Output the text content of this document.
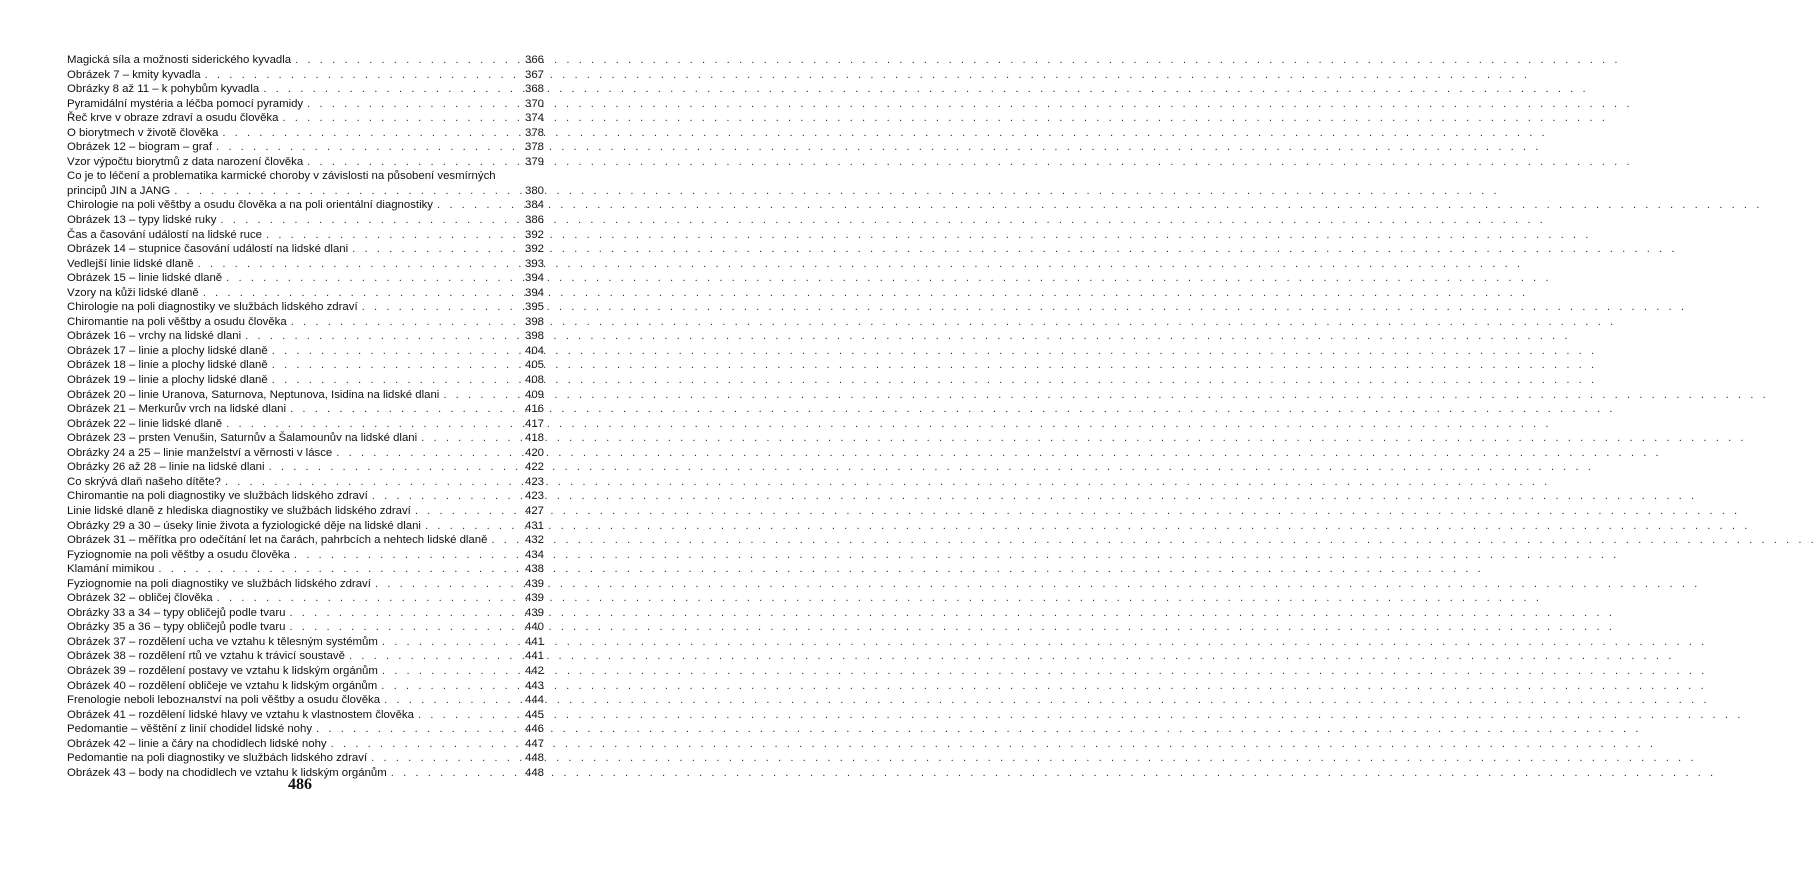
Magická síla a možnosti siderického kyvadla . . .	366
Obrázek 7 – kmity kyvadla . . .	367
Obrázky 8 až 11 – k pohybům kyvadla . . .	368
Pyramidální mystéria a léčba pomocí pyramidy . . .	370
Řeč krve v obraze zdraví a osudu člověka . . .	374
O biorytmech v životě člověka . . .	378
Obrázek 12 – biogram – graf . . .	378
Vzor výpočtu biorytmů z data narození člověka . . .	379
Co je to léčení a problematika karmické choroby v závislosti na působení vesmírných
principů JIN a JANG . . .	380
Chirologie na poli věštby a osudu člověka a na poli orientální diagnostiky . . .	384
Obrázek 13 – typy lidské ruky . . .	386
Čas a časování událostí na lidské ruce . . .	392
Obrázek 14 – stupnice časování událostí na lidské dlani . . .	392
Vedlejší linie lidské dlaně . . .	393
Obrázek 15 – linie lidské dlaně . . .	394
Vzory na kůži lidské dlaně . . .	394
Chirologie na poli diagnostiky ve službách lidského zdraví . . .	395
Chiromantie na poli věštby a osudu člověka . . .	398
Obrázek 16 – vrchy na lidské dlani . . .	398
Obrázek 17 – linie a plochy lidské dlaně . . .	404
Obrázek 18 – linie a plochy lidské dlaně . . .	405
Obrázek 19 – linie a plochy lidské dlaně . . .	408
Obrázek 20 – linie Uranova, Saturnova, Neptunova, Isidina na lidské dlani . . .	409
Obrázek 21 – Merkurův vrch na lidské dlani . . .	416
Obrázek 22 – linie lidské dlaně . . .	417
Obrázek 23 – prsten Venušin, Saturnův a Šalamounův na lidské dlani . . .	418
Obrázky 24 a 25 – linie manželství a věrnosti v lásce . . .	420
Obrázky 26 až 28 – linie na lidské dlani . . .	422
Co skrývá dlaň našeho dítěte? . . .	423
Chiromantie na poli diagnostiky ve službách lidského zdraví . . .	423
Linie lidské dlaně z hlediska diagnostiky ve službách lidského zdraví . . .	427
Obrázky 29 a 30 – úseky linie života a fyziologické děje na lidské dlani . . .	431
Obrázek 31 – měřítka pro odečítání let na čarách, pahrbcích a nehtech lidské dlaně . . .	432
Fyziognomie na poli věštby a osudu člověka . . .	434
Klamání mimikou . . .	438
Fyziognomie na poli diagnostiky ve službách lidského zdraví . . .	439
Obrázek 32 – obličej člověka . . .	439
Obrázky 33 a 34 – typy obličejů podle tvaru . . .	439
Obrázky 35 a 36 – typy obličejů podle tvaru . . .	440
Obrázek 37 – rozdělení ucha ve vztahu k tělesným systémům . . .	441
Obrázek 38 – rozdělení rtů ve vztahu k trávicí soustavě . . .	441
Obrázek 39 – rozdělení postavy ve vztahu k lidským orgánům . . .	442
Obrázek 40 – rozdělení obličeje ve vztahu k lidským orgánům . . .	443
Frenologie neboli lebozналství na poli věštby a osudu člověka . . .	444
Obrázek 41 – rozdělení lidské hlavy ve vztahu k vlastnostem člověka . . .	445
Pedomantie – věštění z linií chodidel lidské nohy . . .	446
Obrázek 42 – linie a čáry na chodidlech lidské nohy . . .	447
Pedomantie na poli diagnostiky ve službách lidského zdraví . . .	448
Obrázek 43 – body na chodidlech ve vztahu k lidským orgánům . . .	448
486
